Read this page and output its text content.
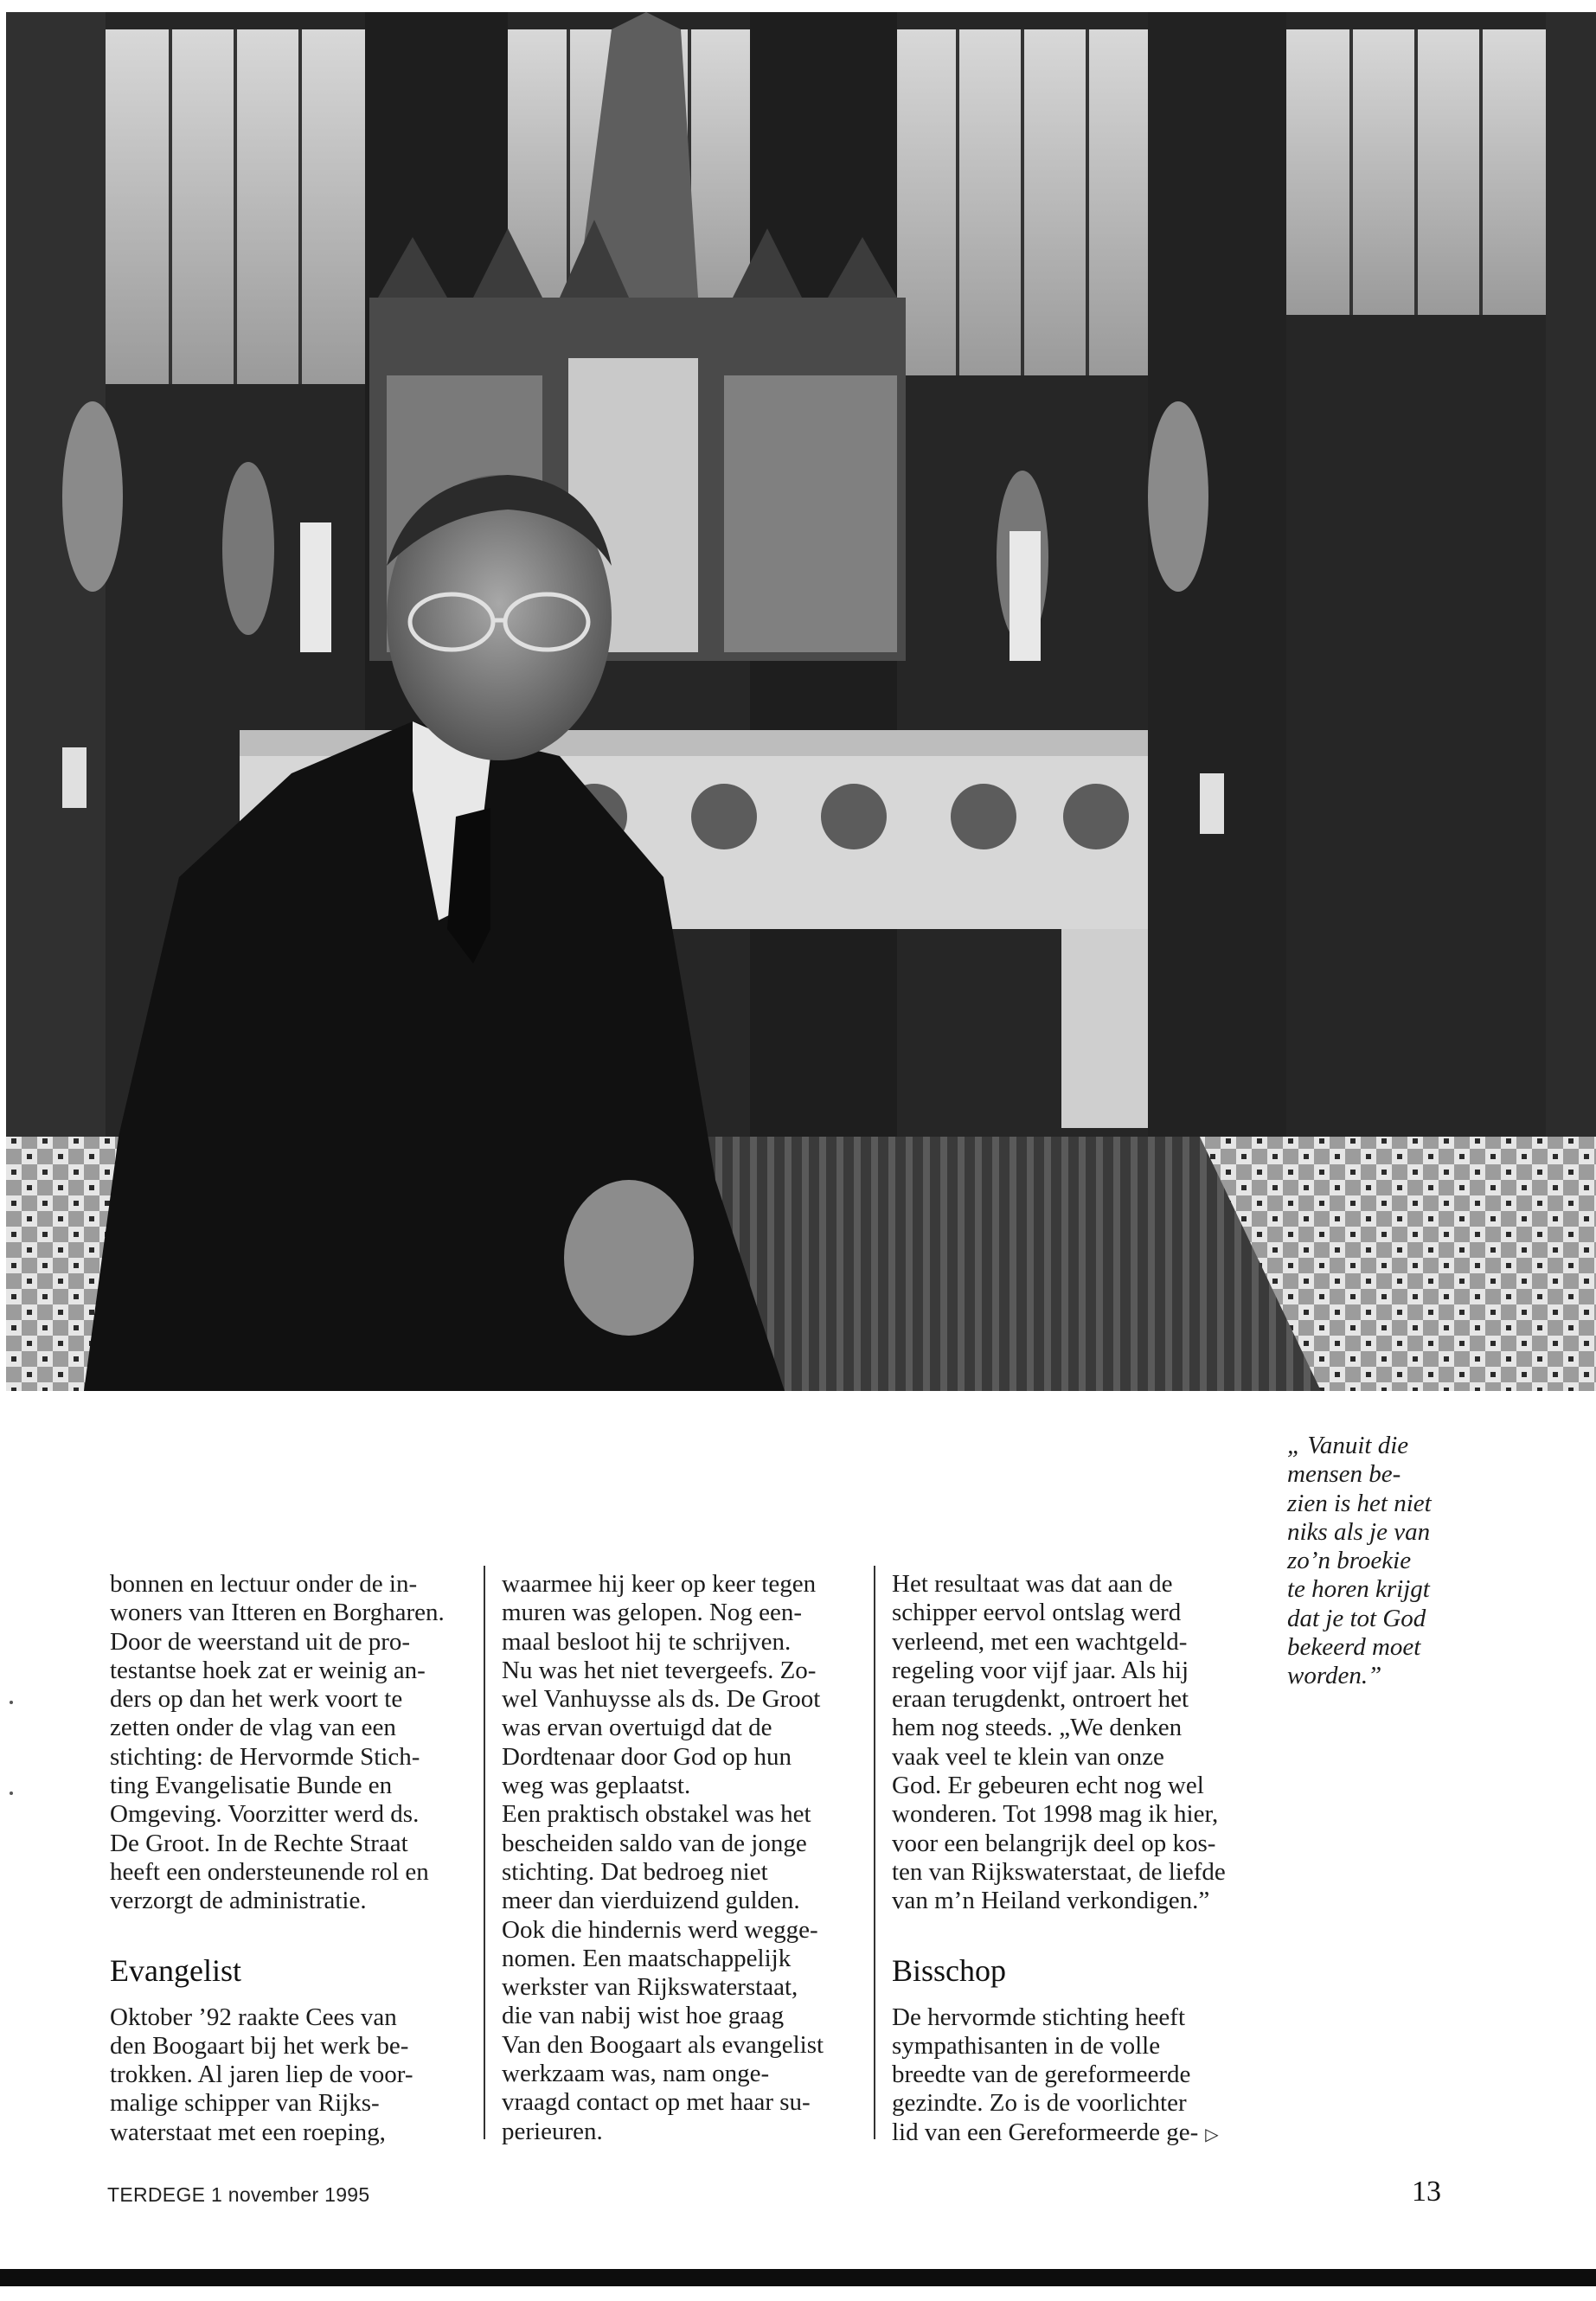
bonnen en lectuur onder de in-
woners van Itteren en Borgharen.
Door de weerstand uit de pro-
testantse hoek zat er weinig an-
ders op dan het werk voort te
zetten onder de vlag van een
stichting: de Hervormde Stich-
ting Evangelisatie Bunde en
Omgeving. Voorzitter werd ds.
De Groot. In de Rechte Straat
heeft een ondersteunende rol en
verzorgt de administratie.

Evangelist

Oktober ’92 raakte Cees van
den Boogaart bij het werk be-
trokken. Al jaren liep de voor-
malige schipper van Rijks-
waterstaat met een roeping,

waarmee hij keer op keer tegen
muren was gelopen. Nog een-
maal besloot hij te schrijven.
Nu was het niet tevergeefs. Zo-
wel Vanhuysse als ds. De Groot
was ervan overtuigd dat de
Dordtenaar door God op hun
weg was geplaatst.
Een praktisch obstakel was het
bescheiden saldo van de jonge
stichting. Dat bedroeg niet
meer dan vierduizend gulden.
Ook die hindernis werd wegge-
nomen. Een maatschappelijk
werkster van Rijkswaterstaat,
die van nabij wist hoe graag
Van den Boogaart als evangelist
werkzaam was, nam onge-
vraagd contact op met haar su-
perieuren.

Het resultaat was dat aan de
schipper eervol ontslag werd
verleend, met een wachtgeld-
regeling voor vijf jaar. Als hij
eraan terugdenkt, ontroert het
hem nog steeds. „We denken
vaak veel te klein van onze
God. Er gebeuren echt nog wel
wonderen. Tot 1998 mag ik hier,
voor een belangrijk deel op kos-
ten van Rijkswaterstaat, de liefde
van m’n Heiland verkondigen.”

Bisschop

De hervormde stichting heeft
sympathisanten in de volle
breedte van de gereformeerde
gezindte. Zo is de voorlichter
lid van een Gereformeerde ge- ▷

„ Vanuit die
mensen be-
zien is het niet
niks als je van
zo’n broekie
te horen krijgt
dat je tot God
bekeerd moet
worden.”
TERDEGE 1 november 1995	13
